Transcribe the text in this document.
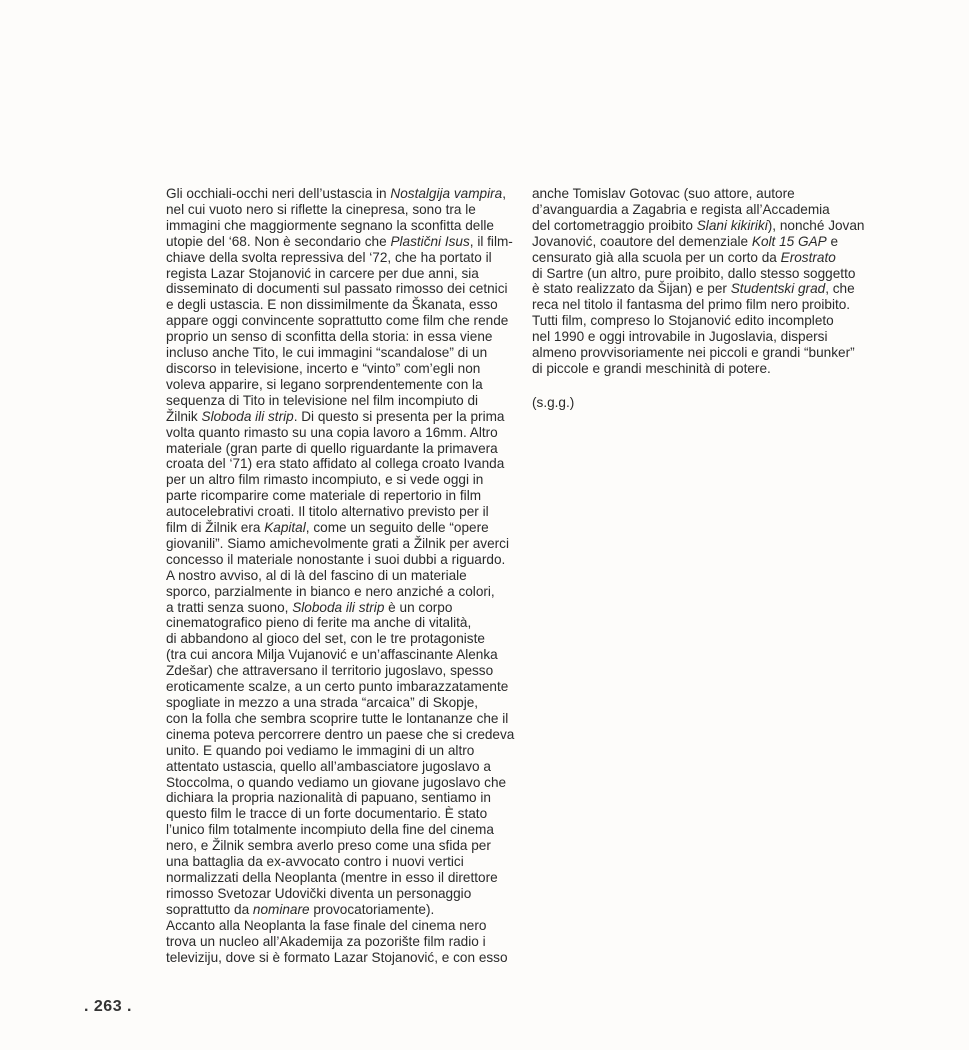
Gli occhiali-occhi neri dell’ustascia in Nostalgija vampira,
nel cui vuoto nero si riflette la cinepresa, sono tra le
immagini che maggiormente segnano la sconfitta delle
utopie del ‘68. Non è secondario che Plastični Isus, il film-
chiave della svolta repressiva del ‘72, che ha portato il
regista Lazar Stojanović in carcere per due anni, sia
disseminato di documenti sul passato rimosso dei cetnici
e degli ustascia. E non dissimilmente da Škanata, esso
appare oggi convincente soprattutto come film che rende
proprio un senso di sconfitta della storia: in essa viene
incluso anche Tito, le cui immagini “scandalose” di un
discorso in televisione, incerto e “vinto” com’egli non
voleva apparire, si legano sorprendentemente con la
sequenza di Tito in televisione nel film incompiuto di
Žilnik Sloboda ili strip. Di questo si presenta per la prima
volta quanto rimasto su una copia lavoro a 16mm. Altro
materiale (gran parte di quello riguardante la primavera
croata del ‘71) era stato affidato al collega croato Ivanda
per un altro film rimasto incompiuto, e si vede oggi in
parte ricomparire come materiale di repertorio in film
autocelebrativi croati. Il titolo alternativo previsto per il
film di Žilnik era Kapital, come un seguito delle “opere
giovanili”. Siamo amichevolmente grati a Žilnik per averci
concesso il materiale nonostante i suoi dubbi a riguardo.
A nostro avviso, al di là del fascino di un materiale
sporco, parzialmente in bianco e nero anziché a colori,
a tratti senza suono, Sloboda ili strip è un corpo
cinematografico pieno di ferite ma anche di vitalità,
di abbandono al gioco del set, con le tre protagoniste
(tra cui ancora Milja Vujanović e un’affascinante Alenka
Zdešar) che attraversano il territorio jugoslavo, spesso
eroticamente scalze, a un certo punto imbarazzatamente
spogliate in mezzo a una strada “arcaica” di Skopje,
con la folla che sembra scoprire tutte le lontananze che il
cinema poteva percorrere dentro un paese che si credeva
unito. E quando poi vediamo le immagini di un altro
attentato ustascia, quello all’ambasciatore jugoslavo a
Stoccolma, o quando vediamo un giovane jugoslavo che
dichiara la propria nazionalità di papuano, sentiamo in
questo film le tracce di un forte documentario. È stato
l’unico film totalmente incompiuto della fine del cinema
nero, e Žilnik sembra averlo preso come una sfida per
una battaglia da ex-avvocato contro i nuovi vertici
normalizzati della Neoplanta (mentre in esso il direttore
rimosso Svetozar Udovički diventa un personaggio
soprattutto da nominare provocatoriamente).
Accanto alla Neoplanta la fase finale del cinema nero
trova un nucleo all’Akademija za pozorište film radio i
televiziju, dove si è formato Lazar Stojanović, e con esso

anche Tomislav Gotovac (suo attore, autore
d’avanguardia a Zagabria e regista all’Accademia
del cortometraggio proibito Slani kikiriki), nonché Jovan
Jovanović, coautore del demenziale Kolt 15 GAP e
censurato già alla scuola per un corto da Erostrato
di Sartre (un altro, pure proibito, dallo stesso soggetto
è stato realizzato da Šijan) e per Studentski grad, che
reca nel titolo il fantasma del primo film nero proibito.
Tutti film, compreso lo Stojanović edito incompleto
nel 1990 e oggi introvabile in Jugoslavia, dispersi
almeno provvisoriamente nei piccoli e grandi “bunker”
di piccole e grandi meschinità di potere.

(s.g.g.)

. 263 .
